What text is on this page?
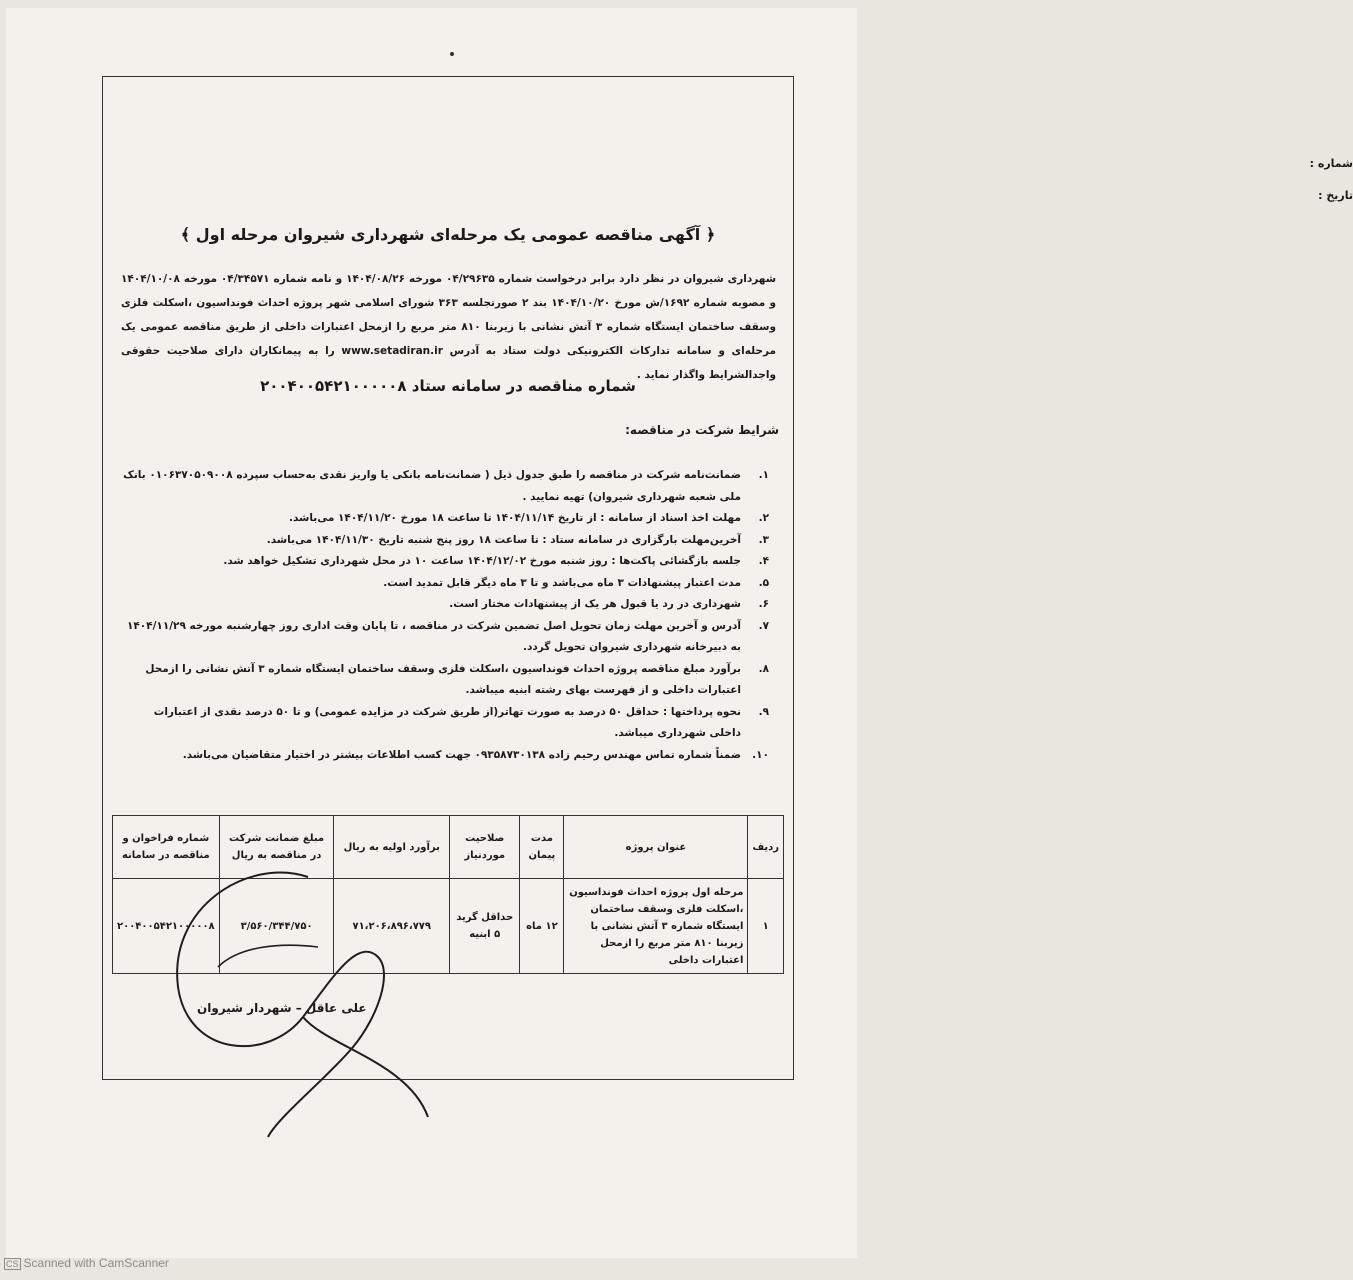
شماره :
تاریخ :
﴿ آگهی مناقصه عمومی یک مرحله‌ای شهرداری شیروان مرحله اول ﴾
شهرداری شیروان در نظر دارد برابر درخواست شماره ۰۴/۲۹۶۳۵ مورخه ۱۴۰۴/۰۸/۲۶ و نامه شماره ۰۴/۳۴۵۷۱ مورخه ۱۴۰۴/۱۰/۰۸ و مصوبه شماره ۱۶۹۲/ش مورخ ۱۴۰۴/۱۰/۲۰ بند ۲ صورتجلسه ۳۶۳ شورای اسلامی شهر پروژه احداث فونداسیون ،اسکلت فلزی وسقف ساختمان ایستگاه شماره ۳ آتش نشانی با زیربنا ۸۱۰ متر مربع را ازمحل اعتبارات داخلی از طریق مناقصه عمومی یک مرحله‌ای و سامانه تدارکات الکترونیکی دولت ستاد به آدرس www.setadiran.ir را به پیمانکاران دارای صلاحیت حقوقی واجدالشرایط واگذار نماید .
شماره مناقصه در سامانه ستاد ۲۰۰۴۰۰۵۴۲۱۰۰۰۰۰۸
شرایط شرکت در مناقصه:
۱.
ضمانت‌نامه شرکت در مناقصه را طبق جدول ذیل ( ضمانت‌نامه بانکی یا واریز نقدی به‌حساب سپرده ۰۱۰۶۳۷۰۵۰۹۰۰۸ بانک ملی شعبه شهرداری شیروان) تهیه نمایید .
۲.
مهلت اخذ اسناد از سامانه : از تاریخ ۱۴۰۴/۱۱/۱۴ تا ساعت ۱۸ مورخ ۱۴۰۴/۱۱/۲۰ می‌باشد.
۳.
آخرین‌مهلت بارگزاری در سامانه ستاد : تا ساعت ۱۸ روز پنج شنبه تاریخ ۱۴۰۴/۱۱/۳۰ می‌باشد.
۴.
جلسه بازگشائی پاکت‌ها : روز شنبه مورخ ۱۴۰۴/۱۲/۰۲ ساعت ۱۰ در محل شهرداری تشکیل خواهد شد.
۵.
مدت اعتبار پیشنهادات ۳ ماه می‌باشد و تا ۳ ماه دیگر قابل تمدید است.
۶.
شهرداری در رد یا قبول هر یک از پیشنهادات مختار است.
۷.
آدرس و آخرین مهلت زمان تحویل اصل تضمین شرکت در مناقصه ، تا پایان وقت اداری روز چهارشنبه مورخه ۱۴۰۴/۱۱/۲۹ به دبیرخانه شهرداری شیروان تحویل گردد.
۸.
برآورد مبلغ مناقصه پروژه احداث فونداسیون ،اسکلت فلزی وسقف ساختمان ایستگاه شماره ۳ آتش نشانی را ازمحل اعتبارات داخلی و از فهرست بهای رشته ابنیه میباشد.
۹.
نحوه پرداختها : حداقل ۵۰ درصد به صورت تهاتر(از طریق شرکت در مزایده عمومی) و تا ۵۰ درصد نقدی از اعتبارات داخلی شهرداری میباشد.
۱۰.
ضمناً شماره تماس مهندس رحیم زاده ۰۹۳۵۸۷۳۰۱۳۸ جهت کسب اطلاعات بیشتر در اختیار متقاضیان می‌باشد.
ردیف	عنوان پروژه	مدت پیمان	صلاحیت موردنیاز	برآورد اولیه به ریال	مبلغ ضمانت شرکت در مناقصه به ریال	شماره فراخوان و مناقصه در سامانه
۱	مرحله اول پروژه احداث فونداسیون ،اسکلت فلزی وسقف ساختمان ایستگاه شماره ۳ آتش نشانی با زیربنا ۸۱۰ متر مربع را ازمحل اعتبارات داخلی	۱۲ ماه	حداقل گرید ۵ ابنیه	۷۱،۲۰۶،۸۹۶،۷۷۹	۳/۵۶۰/۳۴۴/۷۵۰	۲۰۰۴۰۰۵۴۲۱۰۰۰۰۰۸
علی عاقل – شهردار شیروان
CS Scanned with CamScanner
